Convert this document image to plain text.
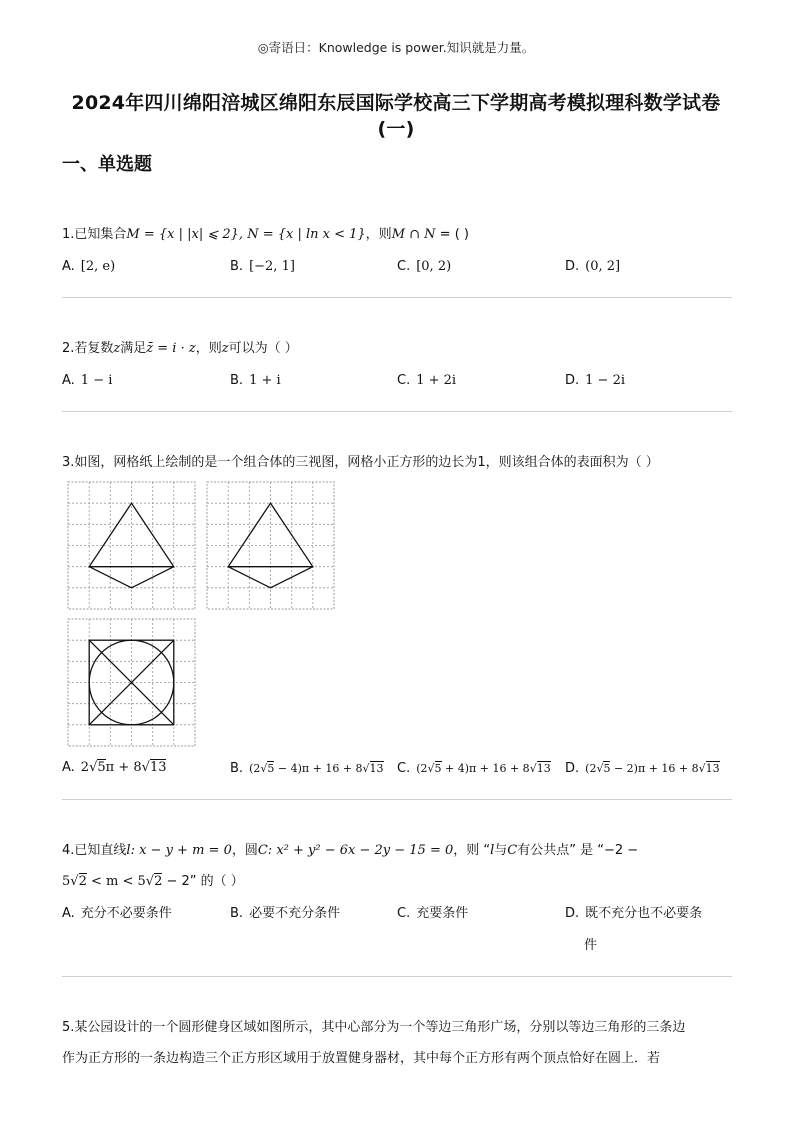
◎寄语日：Knowledge is power.知识就是力量。
2024年四川绵阳涪城区绵阳东辰国际学校高三下学期高考模拟理科数学试卷
(一)
一、单选题
1.已知集合M = {x | |x| ⩽ 2}, N = {x | ln x < 1}，则M ∩ N = ( )
A. [2, e)	B. [−2, 1]	C. [0, 2)	D. (0, 2]
2.若复数z满足z̄ = i · z，则z可以为（ ）
A. 1 − i	B. 1 + i	C. 1 + 2i	D. 1 − 2i
3.如图，网格纸上绘制的是一个组合体的三视图，网格小正方形的边长为1，则该组合体的表面积为（ ）
A. 2√5π + 8√13	B. (2√5 − 4)π + 16 + 8√13 C. (2√5 + 4)π + 16 + 8√13 D. (2√5 − 2)π + 16 + 8√13
4.已知直线l: x − y + m = 0，圆C: x² + y² − 6x − 2y − 15 = 0，则 “l与C有公共点” 是 “−2 −
5√2 < m < 5√2 − 2” 的（ ）
A. 充分不必要条件	B. 必要不充分条件	C. 充要条件	D. 既不充分也不必要条
件
5.某公园设计的一个圆形健身区域如图所示，其中心部分为一个等边三角形广场，分别以等边三角形的三条边
作为正方形的一条边构造三个正方形区域用于放置健身器材，其中每个正方形有两个顶点恰好在圆上．若
